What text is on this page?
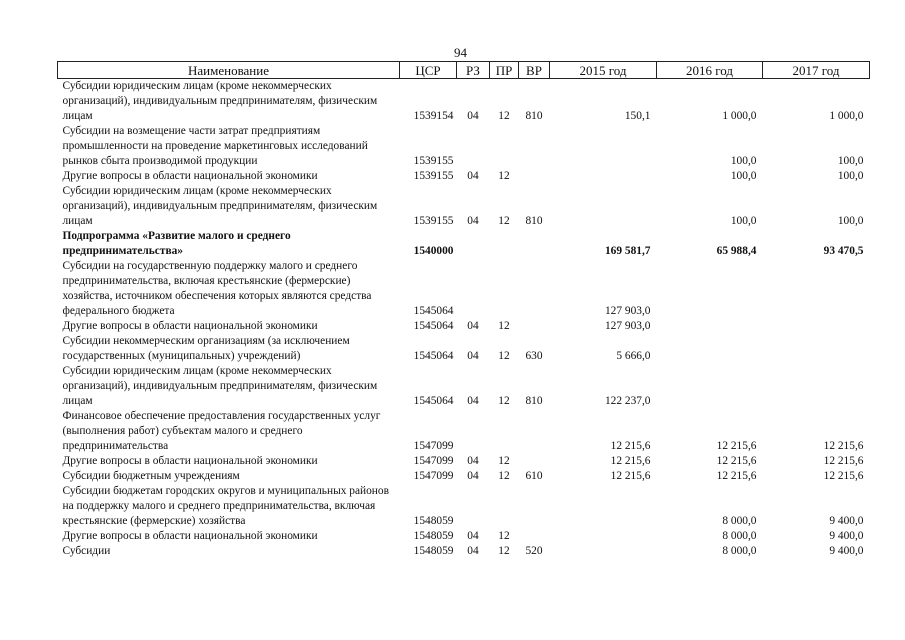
94
Наименование	ЦСР	РЗ	ПР	ВР	2015 год	2016 год	2017 год
Субсидии юридическим лицам (кроме некоммерческих организаций), индивидуальным предпринимателям, физическим лицам	1539154	04	12	810	150,1	1 000,0	1 000,0
Субсидии на возмещение части затрат предприятиям промышленности на проведение маркетинговых исследований рынков сбыта производимой продукции	1539155					100,0	100,0
Другие вопросы в области национальной экономики	1539155	04	12			100,0	100,0
Субсидии юридическим лицам (кроме некоммерческих организаций), индивидуальным предпринимателям, физическим лицам	1539155	04	12	810		100,0	100,0
Подпрограмма «Развитие малого и среднего предпринимательства»	1540000				169 581,7	65 988,4	93 470,5
Субсидии на государственную поддержку малого и среднего предпринимательства, включая крестьянские (фермерские) хозяйства, источником обеспечения которых являются средства федерального бюджета	1545064				127 903,0		
Другие вопросы в области национальной экономики	1545064	04	12		127 903,0		
Субсидии некоммерческим организациям (за исключением государственных (муниципальных) учреждений)	1545064	04	12	630	5 666,0		
Субсидии юридическим лицам (кроме некоммерческих организаций), индивидуальным предпринимателям, физическим лицам	1545064	04	12	810	122 237,0		
Финансовое обеспечение предоставления государственных услуг (выполнения работ) субъектам малого и среднего предпринимательства	1547099				12 215,6	12 215,6	12 215,6
Другие вопросы в области национальной экономики	1547099	04	12		12 215,6	12 215,6	12 215,6
Субсидии бюджетным учреждениям	1547099	04	12	610	12 215,6	12 215,6	12 215,6
Субсидии бюджетам городских округов и муниципальных районов на поддержку малого и среднего предпринимательства, включая крестьянские (фермерские) хозяйства	1548059					8 000,0	9 400,0
Другие вопросы в области национальной экономики	1548059	04	12			8 000,0	9 400,0
Субсидии	1548059	04	12	520		8 000,0	9 400,0
